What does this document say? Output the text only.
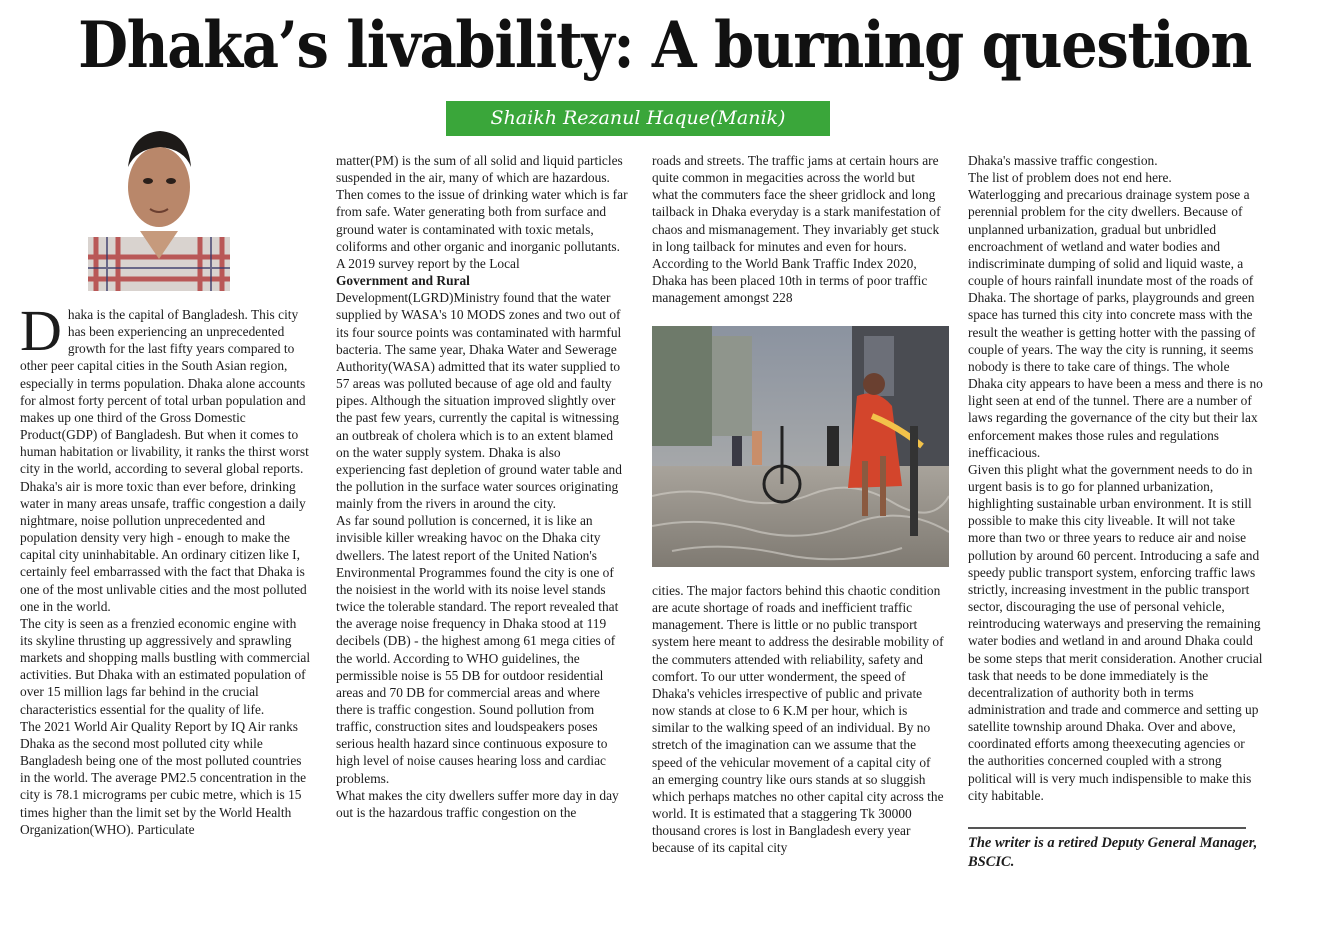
Dhaka’s livability: A burning question
Shaikh Rezanul Haque(Manik)

Dhaka is the capital of Bangladesh. This city has been experiencing an unprecedented growth for the last fifty years compared to other peer capital cities in the South Asian region, especially in terms population. Dhaka alone accounts for almost forty percent of total urban population and makes up one third of the Gross Domestic Product(GDP) of Bangladesh. But when it comes to human habitation or livability, it ranks the thirst worst city in the world, according to several global reports. Dhaka's air is more toxic than ever before, drinking water in many areas unsafe, traffic congestion a daily nightmare, noise pollution unprecedented and population density very high - enough to make the capital city uninhabitable. An ordinary citizen like I, certainly feel embarrassed with the fact that Dhaka is one of the most unlivable cities and the most polluted one in the world.

The city is seen as a frenzied economic engine with its skyline thrusting up aggressively and sprawling markets and shopping malls bustling with commercial activities. But Dhaka with an estimated population of over 15 million lags far behind in the crucial characteristics essential for the quality of life.

The 2021 World Air Quality Report by IQ Air ranks Dhaka as the second most polluted city while Bangladesh being one of the most polluted countries in the world. The average PM2.5 concentration in the city is 78.1 micrograms per cubic metre, which is 15 times higher than the limit set by the World Health Organization(WHO). Particulate

matter(PM) is the sum of all solid and liquid particles suspended in the air, many of which are hazardous. Then comes to the issue of drinking water which is far from safe. Water generating both from surface and ground water is contaminated with toxic metals, coliforms and other organic and inorganic pollutants. A 2019 survey report by the Local

Government and Rural

Development(LGRD)Ministry found that the water supplied by WASA's 10 MODS zones and two out of its four source points was contaminated with harmful bacteria. The same year, Dhaka Water and Sewerage Authority(WASA) admitted that its water supplied to 57 areas was polluted because of age old and faulty pipes. Although the situation improved slightly over the past few years, currently the capital is witnessing an outbreak of cholera which is to an extent blamed on the water supply system. Dhaka is also experiencing fast depletion of ground water table and the pollution in the surface water sources originating mainly from the rivers in around the city.

As far sound pollution is concerned, it is like an invisible killer wreaking havoc on the Dhaka city dwellers. The latest report of the United Nation's Environmental Programmes found the city is one of the noisiest in the world with its noise level stands twice the tolerable standard. The report revealed that the average noise frequency in Dhaka stood at 119 decibels (DB) - the highest among 61 mega cities of the world. According to WHO guidelines, the permissible noise is 55 DB for outdoor residential areas and 70 DB for commercial areas and where there is traffic congestion. Sound pollution from traffic, construction sites and loudspeakers poses serious health hazard since continuous exposure to high level of noise causes hearing loss and cardiac problems.

What makes the city dwellers suffer more day in day out is the hazardous traffic congestion on the

roads and streets. The traffic jams at certain hours are quite common in megacities across the world but what the commuters face the sheer gridlock and long tailback in Dhaka everyday is a stark manifestation of chaos and mismanagement. They invariably get stuck in long tailback for minutes and even for hours. According to the World Bank Traffic Index 2020, Dhaka has been placed 10th in terms of poor traffic management amongst 228

cities. The major factors behind this chaotic condition are acute shortage of roads and inefficient traffic management. There is little or no public transport system here meant to address the desirable mobility of the commuters attended with reliability, safety and comfort. To our utter wonderment, the speed of Dhaka's vehicles irrespective of public and private now stands at close to 6 K.M per hour, which is similar to the walking speed of an individual. By no stretch of the imagination can we assume that the speed of the vehicular movement of a capital city of an emerging country like ours stands at so sluggish which perhaps matches no other capital city across the world. It is estimated that a staggering Tk 30000 thousand crores is lost in Bangladesh every year because of its capital city

Dhaka's massive traffic congestion.

The list of problem does not end here.

Waterlogging and precarious drainage system pose a perennial problem for the city dwellers. Because of unplanned urbanization, gradual but unbridled encroachment of wetland and water bodies and indiscriminate dumping of solid and liquid waste, a couple of hours rainfall inundate most of the roads of Dhaka. The shortage of parks, playgrounds and green space has turned this city into concrete mass with the result the weather is getting hotter with the passing of couple of years. The way the city is running, it seems nobody is there to take care of things. The whole Dhaka city appears to have been a mess and there is no light seen at end of the tunnel. There are a number of laws regarding the governance of the city but their lax enforcement makes those rules and regulations inefficacious.

Given this plight what the government needs to do in urgent basis is to go for planned urbanization, highlighting sustainable urban environment. It is still possible to make this city liveable. It will not take more than two or three years to reduce air and noise pollution by around 60 percent. Introducing a safe and speedy public transport system, enforcing traffic laws strictly, increasing investment in the public transport sector, discouraging the use of personal vehicle, reintroducing waterways and preserving the remaining water bodies and wetland in and around Dhaka could be some steps that merit consideration. Another crucial task that needs to be done immediately is the decentralization of authority both in terms administration and trade and commerce and setting up satellite township around Dhaka. Over and above, coordinated efforts among theexecuting agencies or the authorities concerned coupled with a strong political will is very much indispensible to make this city habitable.

The writer is a retired Deputy General Manager, BSCIC.
